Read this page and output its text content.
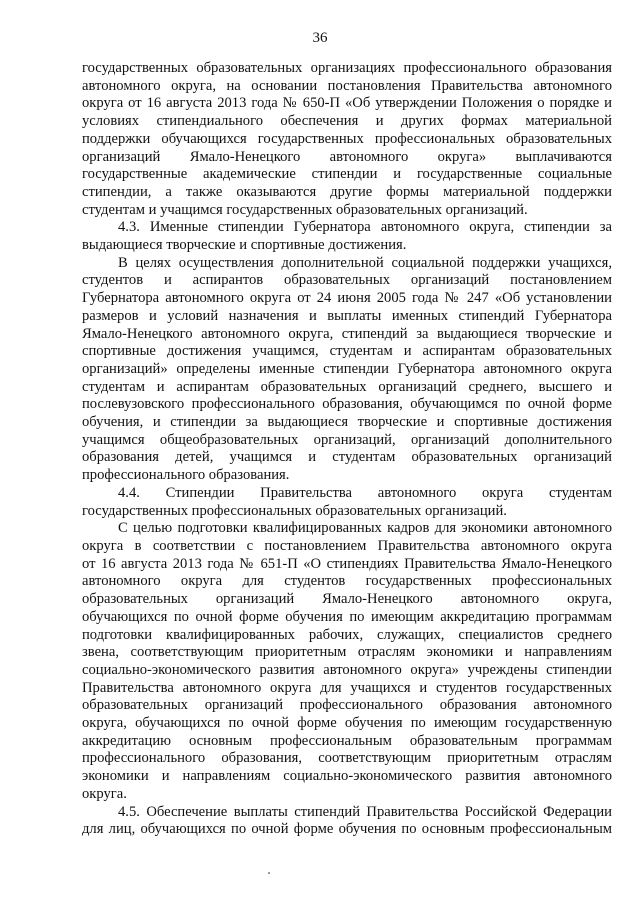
36
государственных образовательных организациях профессионального образования
автономного округа, на основании постановления Правительства автономного
округа от 16 августа 2013 года № 650-П «Об утверждении Положения о порядке и
условиях стипендиального обеспечения и других формах материальной
поддержки обучающихся государственных профессиональных образовательных
организаций Ямало-Ненецкого автономного округа» выплачиваются
государственные академические стипендии и государственные социальные
стипендии, а также оказываются другие формы материальной поддержки
студентам и учащимся государственных образовательных организаций.
4.3. Именные стипендии Губернатора автономного округа, стипендии за
выдающиеся творческие и спортивные достижения.
В целях осуществления дополнительной социальной поддержки учащихся,
студентов и аспирантов образовательных организаций постановлением
Губернатора автономного округа от 24 июня 2005 года № 247 «Об установлении
размеров и условий назначения и выплаты именных стипендий Губернатора
Ямало-Ненецкого автономного округа, стипендий за выдающиеся творческие и
спортивные достижения учащимся, студентам и аспирантам образовательных
организаций» определены именные стипендии Губернатора автономного округа
студентам и аспирантам образовательных организаций среднего, высшего и
послевузовского профессионального образования, обучающимся по очной форме
обучения, и стипендии за выдающиеся творческие и спортивные достижения
учащимся общеобразовательных организаций, организаций дополнительного
образования детей, учащимся и студентам образовательных организаций
профессионального образования.
4.4. Стипендии Правительства автономного округа студентам
государственных профессиональных образовательных организаций.
С целью подготовки квалифицированных кадров для экономики автономного
округа в соответствии с постановлением Правительства автономного округа
от 16 августа 2013 года № 651-П «О стипендиях Правительства Ямало-Ненецкого
автономного округа для студентов государственных профессиональных
образовательных организаций Ямало-Ненецкого автономного округа,
обучающихся по очной форме обучения по имеющим аккредитацию программам
подготовки квалифицированных рабочих, служащих, специалистов среднего
звена, соответствующим приоритетным отраслям экономики и направлениям
социально-экономического развития автономного округа» учреждены стипендии
Правительства автономного округа для учащихся и студентов государственных
образовательных организаций профессионального образования автономного
округа, обучающихся по очной форме обучения по имеющим государственную
аккредитацию основным профессиональным образовательным программам
профессионального образования, соответствующим приоритетным отраслям
экономики и направлениям социально-экономического развития автономного
округа.
4.5. Обеспечение выплаты стипендий Правительства Российской Федерации
для лиц, обучающихся по очной форме обучения по основным профессиональным
